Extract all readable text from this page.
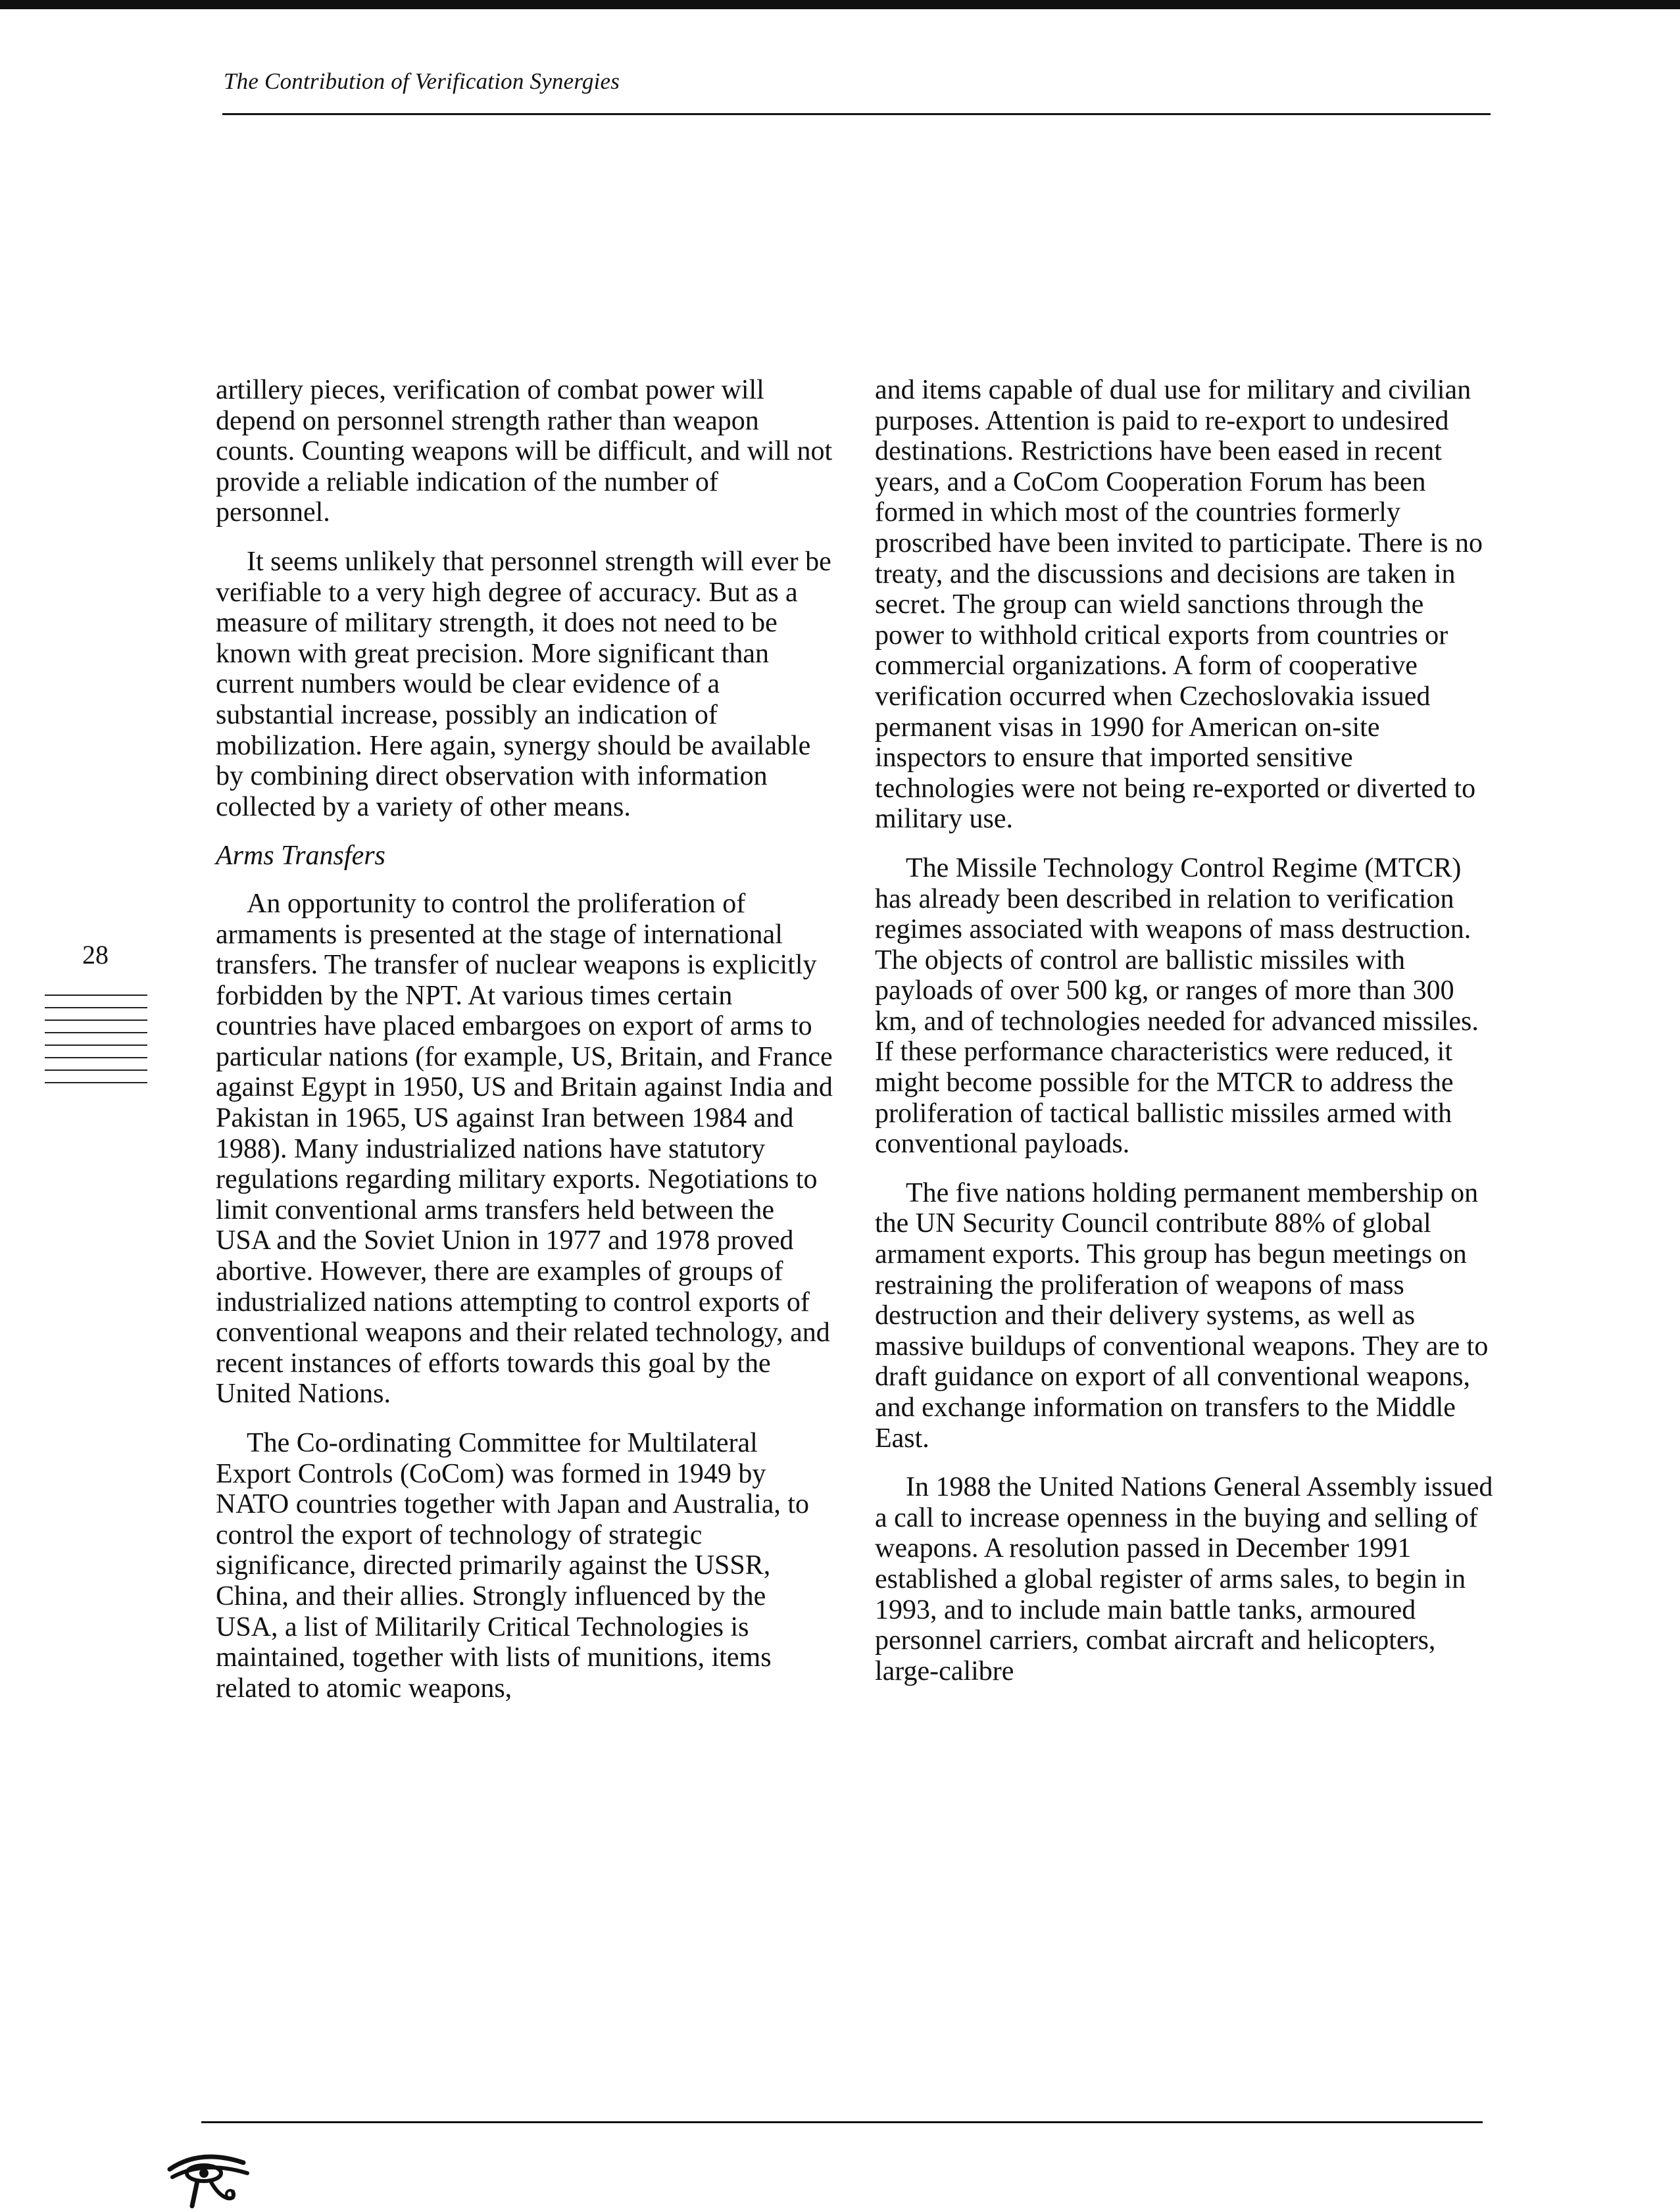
The Contribution of Verification Synergies
28

artillery pieces, verification of combat power will depend on personnel strength rather than weapon counts. Counting weapons will be difficult, and will not provide a reliable indication of the number of personnel.

It seems unlikely that personnel strength will ever be verifiable to a very high degree of accuracy. But as a measure of military strength, it does not need to be known with great precision. More significant than current numbers would be clear evidence of a substantial increase, possibly an indication of mobilization. Here again, synergy should be available by combining direct observation with information collected by a variety of other means.

Arms Transfers

An opportunity to control the proliferation of armaments is presented at the stage of international transfers. The transfer of nuclear weapons is explicitly forbidden by the NPT. At various times certain countries have placed embargoes on export of arms to particular nations (for example, US, Britain, and France against Egypt in 1950, US and Britain against India and Pakistan in 1965, US against Iran between 1984 and 1988). Many industrialized nations have statutory regulations regarding military exports. Negotiations to limit conventional arms transfers held between the USA and the Soviet Union in 1977 and 1978 proved abortive. However, there are examples of groups of industrialized nations attempting to control exports of conventional weapons and their related technology, and recent instances of efforts towards this goal by the United Nations.

The Co-ordinating Committee for Multilateral Export Controls (CoCom) was formed in 1949 by NATO countries together with Japan and Australia, to control the export of technology of strategic significance, directed primarily against the USSR, China, and their allies. Strongly influenced by the USA, a list of Militarily Critical Technologies is maintained, together with lists of munitions, items related to atomic weapons,

and items capable of dual use for military and civilian purposes. Attention is paid to re-export to undesired destinations. Restrictions have been eased in recent years, and a CoCom Cooperation Forum has been formed in which most of the countries formerly proscribed have been invited to participate. There is no treaty, and the discussions and decisions are taken in secret. The group can wield sanctions through the power to withhold critical exports from countries or commercial organizations. A form of cooperative verification occurred when Czechoslovakia issued permanent visas in 1990 for American on-site inspectors to ensure that imported sensitive technologies were not being re-exported or diverted to military use.

The Missile Technology Control Regime (MTCR) has already been described in relation to verification regimes associated with weapons of mass destruction. The objects of control are ballistic missiles with payloads of over 500 kg, or ranges of more than 300 km, and of technologies needed for advanced missiles. If these performance characteristics were reduced, it might become possible for the MTCR to address the proliferation of tactical ballistic missiles armed with conventional payloads.

The five nations holding permanent membership on the UN Security Council contribute 88% of global armament exports. This group has begun meetings on restraining the proliferation of weapons of mass destruction and their delivery systems, as well as massive buildups of conventional weapons. They are to draft guidance on export of all conventional weapons, and exchange information on transfers to the Middle East.

In 1988 the United Nations General Assembly issued a call to increase openness in the buying and selling of weapons. A resolution passed in December 1991 established a global register of arms sales, to begin in 1993, and to include main battle tanks, armoured personnel carriers, combat aircraft and helicopters, large-calibre
